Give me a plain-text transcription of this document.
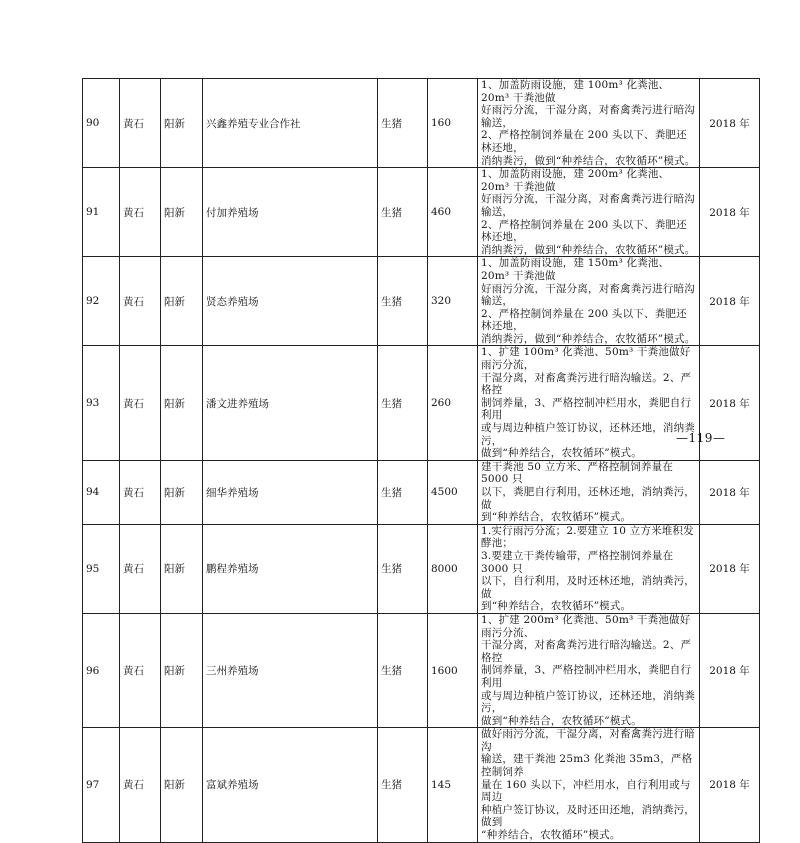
90	黄石	阳新	兴鑫养殖专业合作社	生猪	160	1、加盖防雨设施，建 100m³ 化粪池、20m³ 干粪池做
好雨污分流，干湿分离，对畜禽粪污进行暗沟输送，
2、严格控制饲养量在 200 头以下、粪肥还林还地，
消纳粪污，做到“种养结合，农牧循环”模式。	2018 年
91	黄石	阳新	付加养殖场	生猪	460	1、加盖防雨设施，建 200m³ 化粪池、20m³ 干粪池做
好雨污分流，干湿分离，对畜禽粪污进行暗沟输送，
2、严格控制饲养量在 200 头以下、粪肥还林还地，
消纳粪污，做到“种养结合，农牧循环”模式。	2018 年
92	黄石	阳新	贤态养殖场	生猪	320	1、加盖防雨设施，建 150m³ 化粪池、20m³ 干粪池做
好雨污分流，干湿分离，对畜禽粪污进行暗沟输送，
2、严格控制饲养量在 200 头以下、粪肥还林还地，
消纳粪污，做到“种养结合，农牧循环”模式。	2018 年
93	黄石	阳新	潘文进养殖场	生猪	260	1、扩建 100m³ 化粪池、50m³ 干粪池做好雨污分流，
干湿分离，对畜禽粪污进行暗沟输送。2、严格控
制饲养量，3、严格控制冲栏用水，粪肥自行利用
或与周边种植户签订协议，还林还地，消纳粪污，
做到“种养结合，农牧循环”模式。	2018 年
94	黄石	阳新	细华养殖场	生猪	4500	建干粪池 50 立方米、严格控制饲养量在 5000 只
以下，粪肥自行利用，还林还地，消纳粪污，做
到“种养结合，农牧循环”模式。	2018 年
95	黄石	阳新	鹏程养殖场	生猪	8000	1.实行雨污分流；2.要建立 10 立方米堆积发酵池；
3.要建立干粪传输带，严格控制饲养量在 3000 只
以下，自行利用，及时还林还地，消纳粪污，做
到“种养结合，农牧循环”模式。	2018 年
96	黄石	阳新	三州养殖场	生猪	1600	1、扩建 200m³ 化粪池、50m³ 干粪池做好雨污分流、
干湿分离，对畜禽粪污进行暗沟输送。2、严格控
制饲养量，3、严格控制冲栏用水，粪肥自行利用
或与周边种植户签订协议，还林还地，消纳粪污，
做到“种养结合，农牧循环”模式。	2018 年
97	黄石	阳新	富斌养殖场	生猪	145	做好雨污分流，干湿分离，对畜禽粪污进行暗沟
输送，建干粪池 25m3 化粪池 35m3，严格控制饲养
量在 160 头以下，冲栏用水，自行利用或与周边
种植户签订协议，及时还田还地，消纳粪污，做到
“种养结合，农牧循环”模式。	2018 年
—119—
